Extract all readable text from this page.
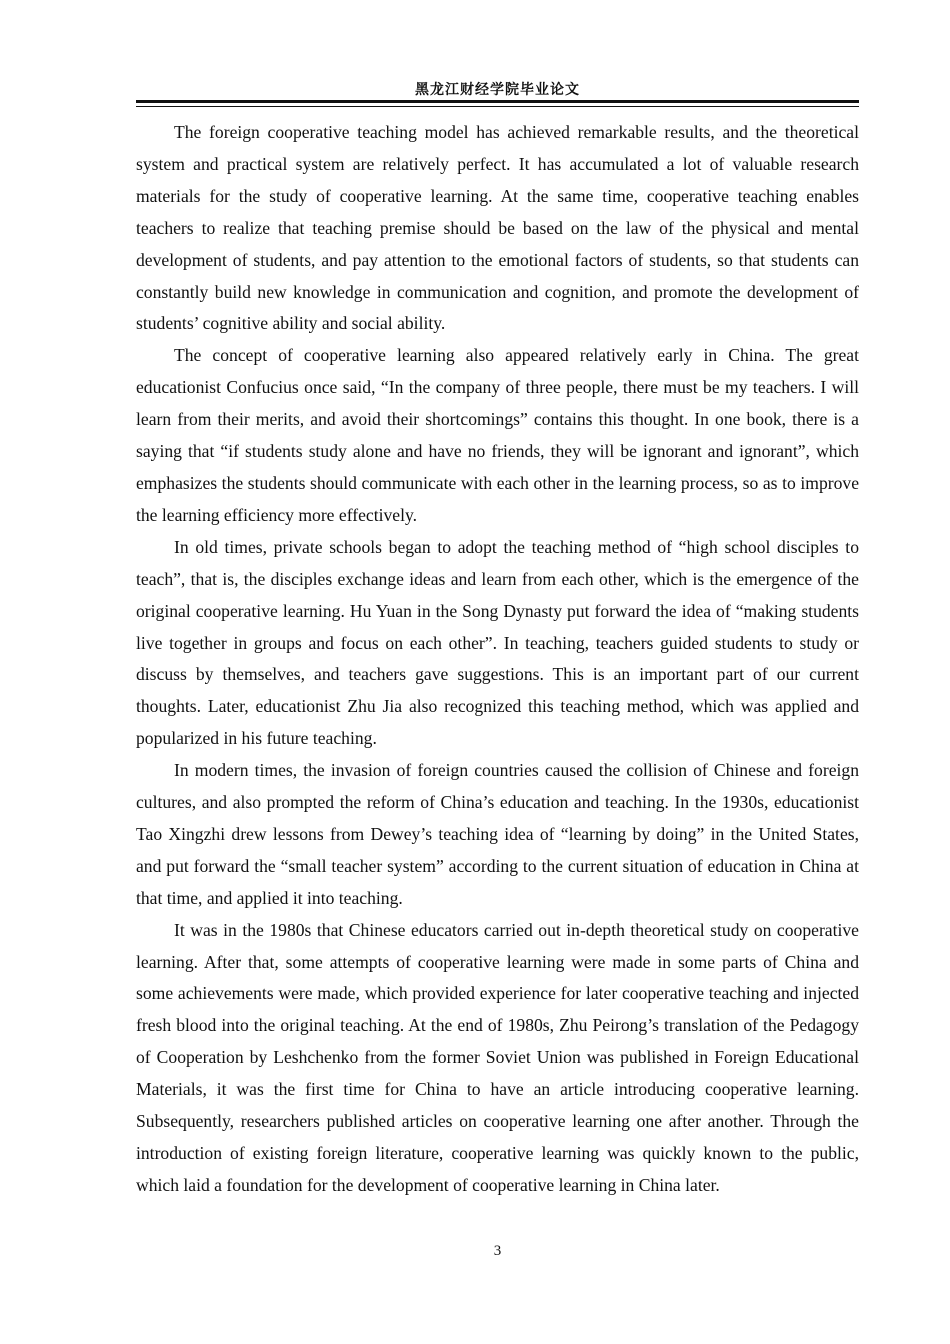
黑龙江财经学院毕业论文

The foreign cooperative teaching model has achieved remarkable results, and the theoretical system and practical system are relatively perfect. It has accumulated a lot of valuable research materials for the study of cooperative learning. At the same time, cooperative teaching enables teachers to realize that teaching premise should be based on the law of the physical and mental development of students, and pay attention to the emotional factors of students, so that students can constantly build new knowledge in communication and cognition, and promote the development of students’ cognitive ability and social ability.

The concept of cooperative learning also appeared relatively early in China. The great educationist Confucius once said, “In the company of three people, there must be my teachers. I will learn from their merits, and avoid their shortcomings” contains this thought. In one book, there is a saying that “if students study alone and have no friends, they will be ignorant and ignorant”, which emphasizes the students should communicate with each other in the learning process, so as to improve the learning efficiency more effectively.

In old times, private schools began to adopt the teaching method of “high school disciples to teach”, that is, the disciples exchange ideas and learn from each other, which is the emergence of the original cooperative learning. Hu Yuan in the Song Dynasty put forward the idea of “making students live together in groups and focus on each other”. In teaching, teachers guided students to study or discuss by themselves, and teachers gave suggestions. This is an important part of our current thoughts. Later, educationist Zhu Jia also recognized this teaching method, which was applied and popularized in his future teaching.

In modern times, the invasion of foreign countries caused the collision of Chinese and foreign cultures, and also prompted the reform of China’s education and teaching. In the 1930s, educationist Tao Xingzhi drew lessons from Dewey’s teaching idea of “learning by doing” in the United States, and put forward the “small teacher system” according to the current situation of education in China at that time, and applied it into teaching.

It was in the 1980s that Chinese educators carried out in-depth theoretical study on cooperative learning. After that, some attempts of cooperative learning were made in some parts of China and some achievements were made, which provided experience for later cooperative teaching and injected fresh blood into the original teaching. At the end of 1980s, Zhu Peirong’s translation of the Pedagogy of Cooperation by Leshchenko from the former Soviet Union was published in Foreign Educational Materials, it was the first time for China to have an article introducing cooperative learning. Subsequently, researchers published articles on cooperative learning one after another. Through the introduction of existing foreign literature, cooperative learning was quickly known to the public, which laid a foundation for the development of cooperative learning in China later.

3
